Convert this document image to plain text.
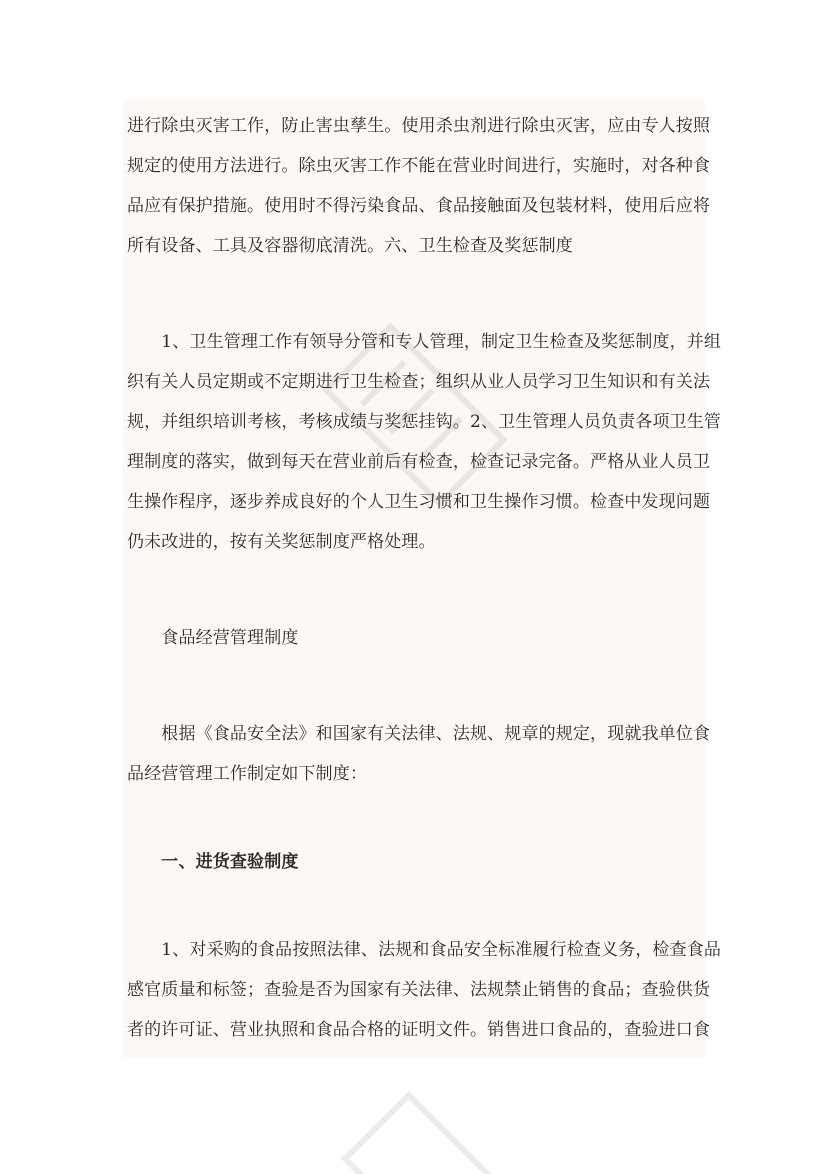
进行除虫灭害工作，防止害虫孳生。使用杀虫剂进行除虫灭害，应由专人按照
规定的使用方法进行。除虫灭害工作不能在营业时间进行，实施时，对各种食
品应有保护措施。使用时不得污染食品、食品接触面及包装材料，使用后应将
所有设备、工具及容器彻底清洗。六、卫生检查及奖惩制度
　　1、卫生管理工作有领导分管和专人管理，制定卫生检查及奖惩制度，并组
织有关人员定期或不定期进行卫生检查；组织从业人员学习卫生知识和有关法
规，并组织培训考核，考核成绩与奖惩挂钩。2、卫生管理人员负责各项卫生管
理制度的落实，做到每天在营业前后有检查，检查记录完备。严格从业人员卫
生操作程序，逐步养成良好的个人卫生习惯和卫生操作习惯。检查中发现问题
仍未改进的，按有关奖惩制度严格处理。
　　食品经营管理制度
　　根据《食品安全法》和国家有关法律、法规、规章的规定，现就我单位食
品经营管理工作制定如下制度：
　　一、进货查验制度
　　1、对采购的食品按照法律、法规和食品安全标准履行检查义务，检查食品
感官质量和标签；查验是否为国家有关法律、法规禁止销售的食品；查验供货
者的许可证、营业执照和食品合格的证明文件。销售进口食品的，查验进口食
